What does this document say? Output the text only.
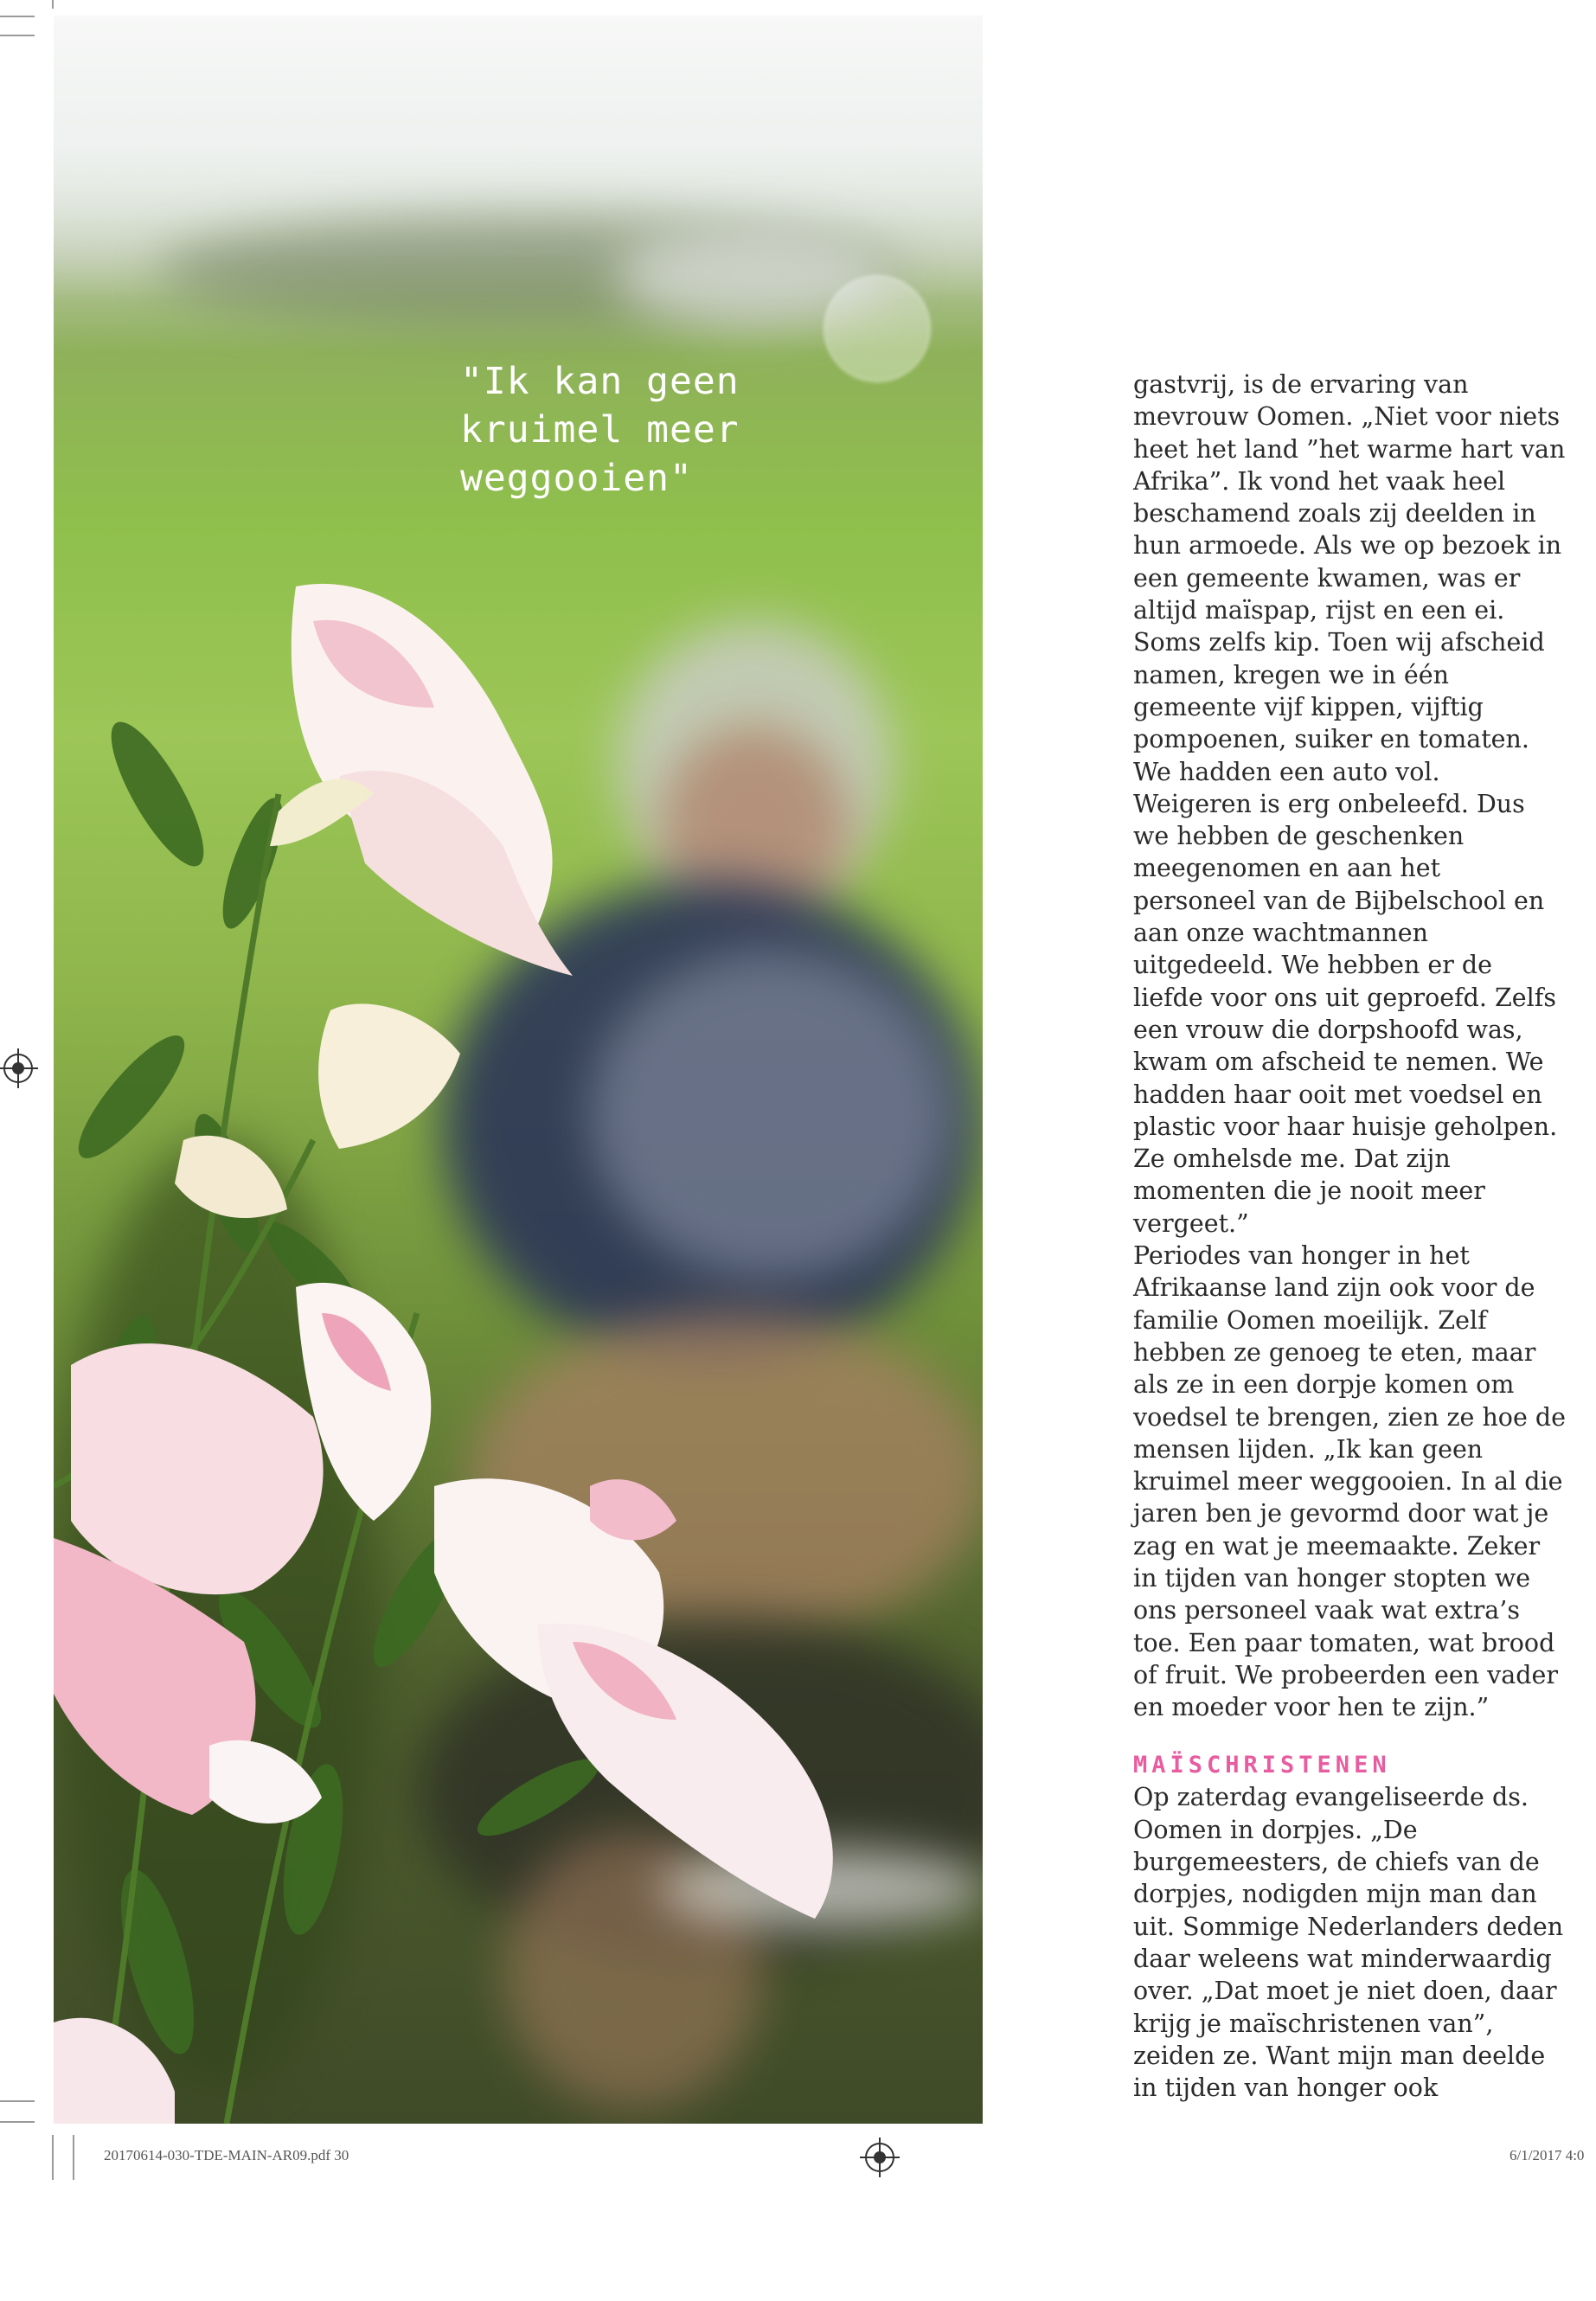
"Ik kan geen kruimel meer weggooien"

gastvrij, is de ervaring van mevrouw Oomen. „Niet voor niets heet het land ”het warme hart van Afrika”. Ik vond het vaak heel beschamend zoals zij deelden in hun armoede. Als we op bezoek in een gemeente kwamen, was er altijd maïspap, rijst en een ei. Soms zelfs kip. Toen wij afscheid namen, kregen we in één gemeente vijf kippen, vijftig pompoenen, suiker en tomaten. We hadden een auto vol. Weigeren is erg onbeleefd. Dus we hebben de geschenken meegenomen en aan het personeel van de Bijbelschool en aan onze wachtmannen uitgedeeld. We hebben er de liefde voor ons uit geproefd. Zelfs een vrouw die dorpshoofd was, kwam om afscheid te nemen. We hadden haar ooit met voedsel en plastic voor haar huisje geholpen. Ze omhelsde me. Dat zijn momenten die je nooit meer vergeet.”

Periodes van honger in het Afrikaanse land zijn ook voor de familie Oomen moeilijk. Zelf hebben ze genoeg te eten, maar als ze in een dorpje komen om voedsel te brengen, zien ze hoe de mensen lijden. „Ik kan geen kruimel meer weggooien. In al die jaren ben je gevormd door wat je zag en wat je meemaakte. Zeker in tijden van honger stopten we ons personeel vaak wat extra’s toe. Een paar tomaten, wat brood of fruit. We probeerden een vader en moeder voor hen te zijn.”

MAÏSCHRISTENEN

Op zaterdag evangeliseerde ds. Oomen in dorpjes. „De burgemeesters, de chiefs van de dorpjes, nodigden mijn man dan uit. Sommige Nederlanders deden daar weleens wat minderwaardig over. „Dat moet je niet doen, daar krijg je maïschristenen van”, zeiden ze. Want mijn man deelde in tijden van honger ook

20170614-030-TDE-MAIN-AR09.pdf 30	6/1/2017 4:0
